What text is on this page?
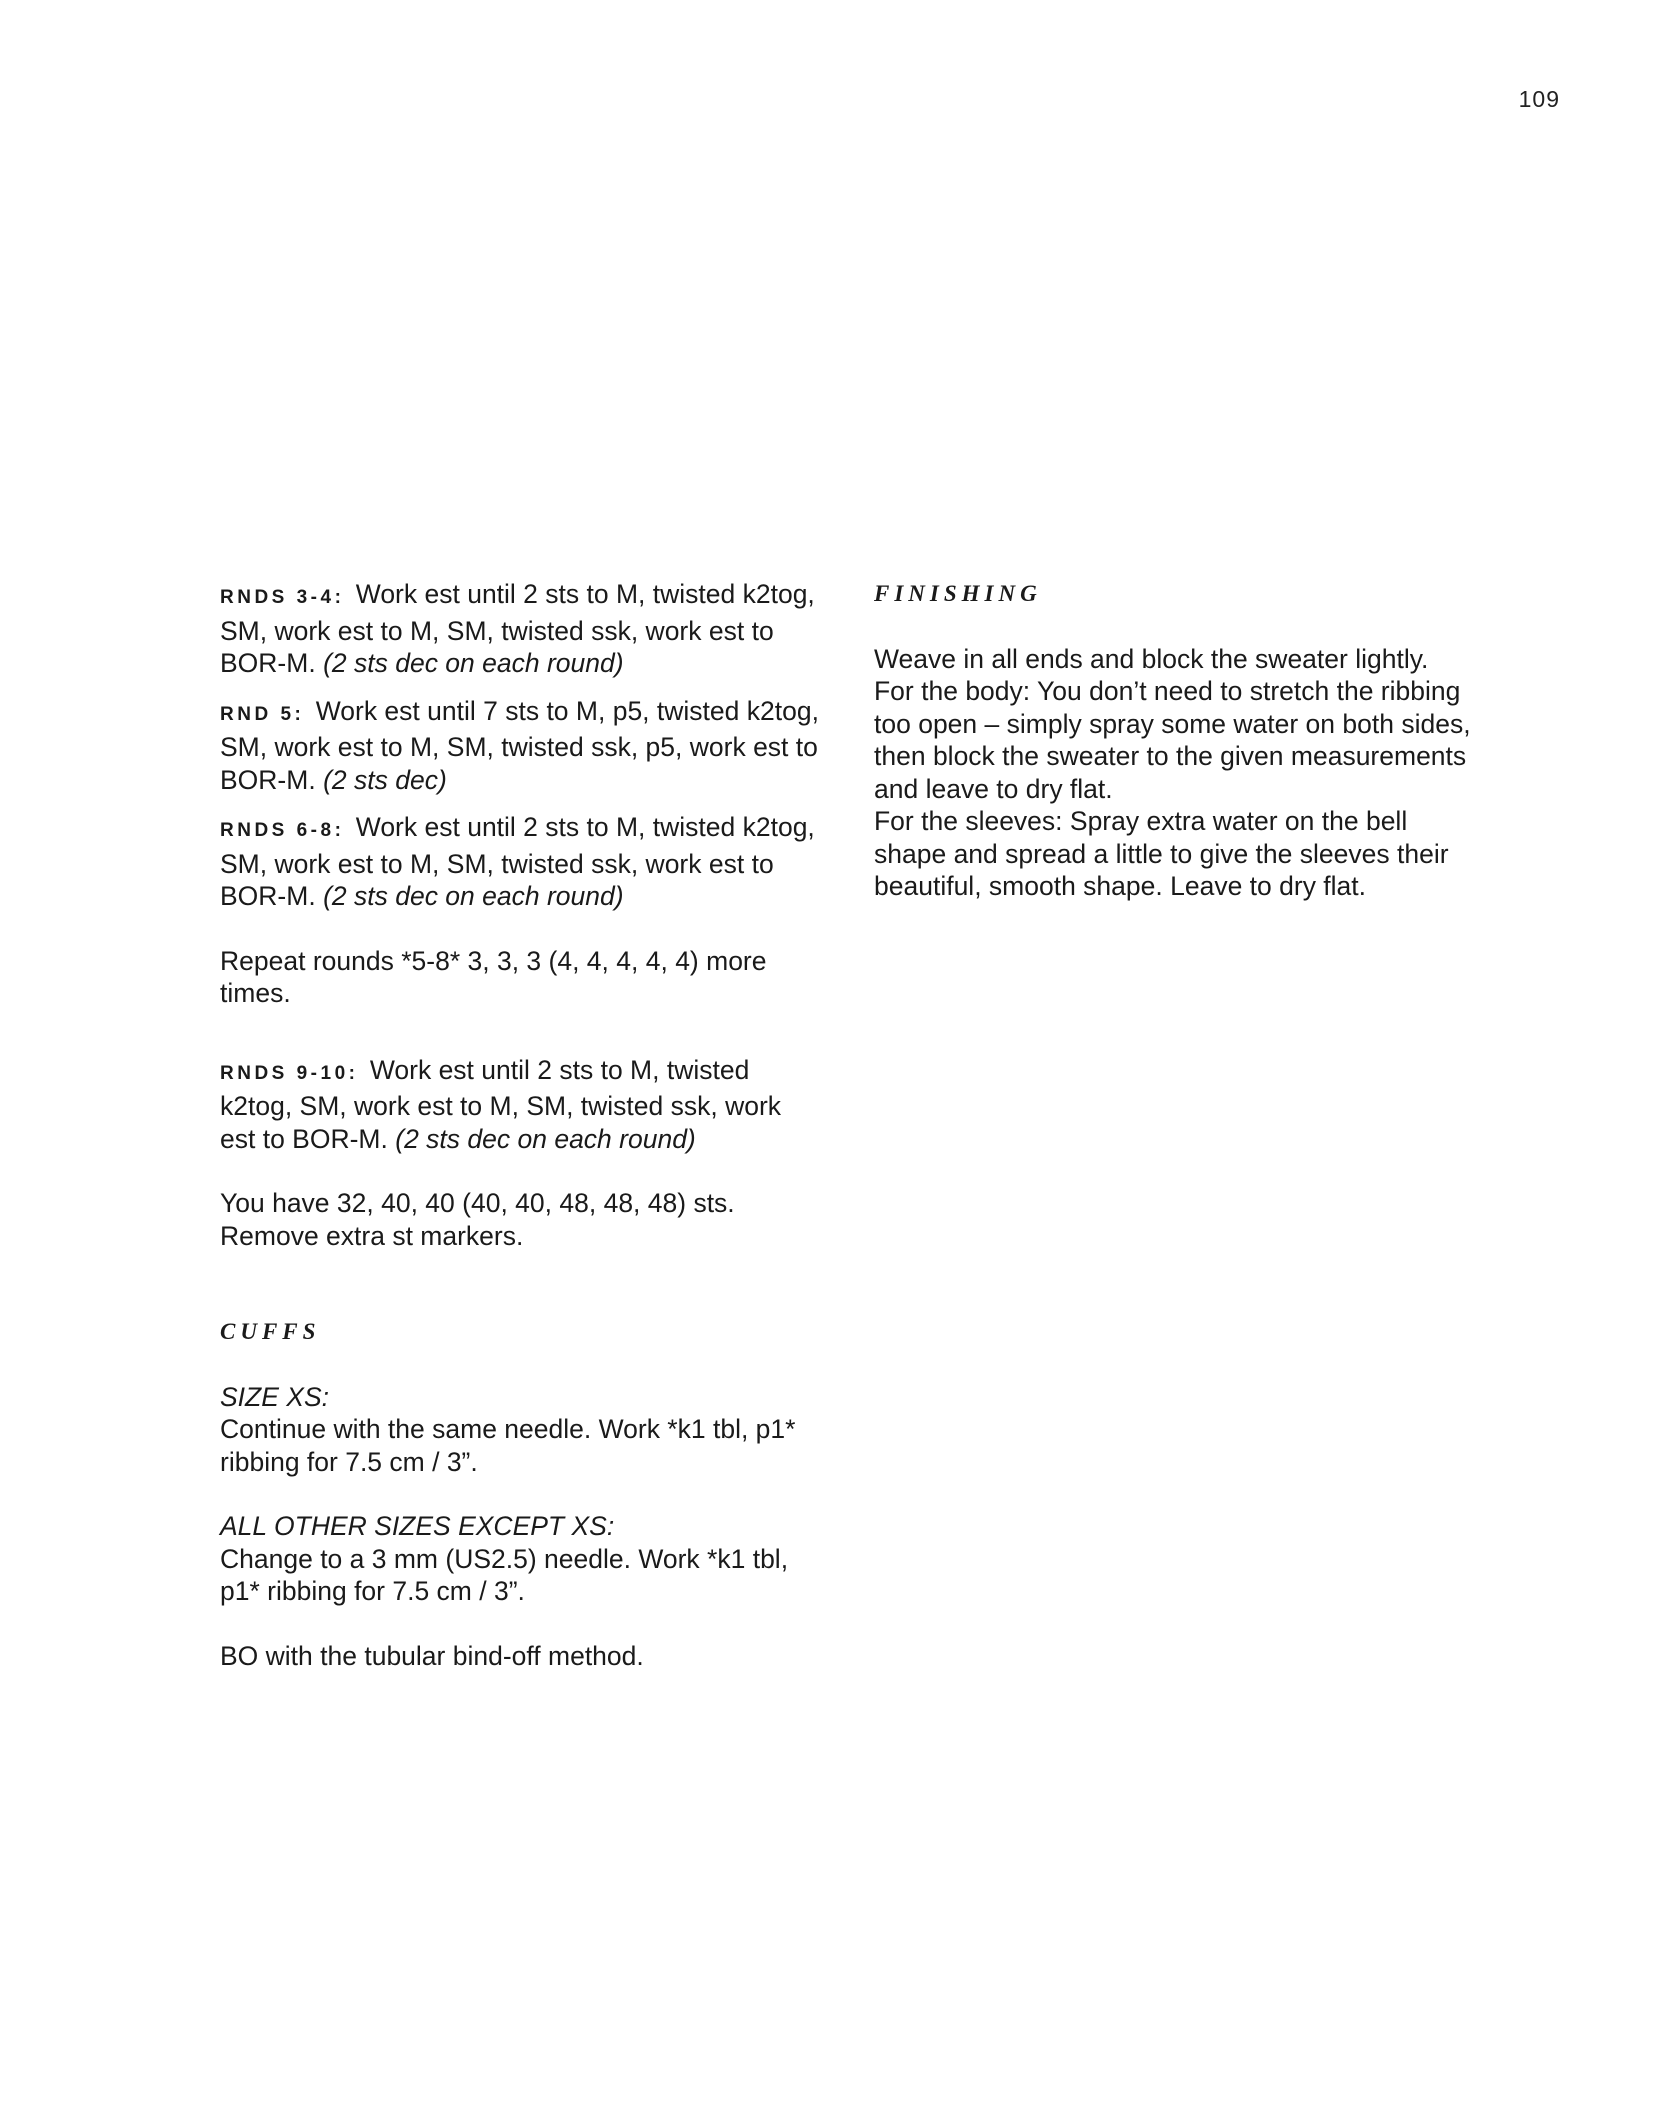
109

RNDS 3-4: Work est until 2 sts to M, twisted k2tog, SM, work est to M, SM, twisted ssk, work est to BOR-M. (2 sts dec on each round)

RND 5: Work est until 7 sts to M, p5, twisted k2tog, SM, work est to M, SM, twisted ssk, p5, work est to BOR-M. (2 sts dec)

RNDS 6-8: Work est until 2 sts to M, twisted k2tog, SM, work est to M, SM, twisted ssk, work est to BOR-M. (2 sts dec on each round)

Repeat rounds *5-8* 3, 3, 3 (4, 4, 4, 4, 4) more times.

RNDS 9-10: Work est until 2 sts to M, twisted k2tog, SM, work est to M, SM, twisted ssk, work est to BOR-M. (2 sts dec on each round)

You have 32, 40, 40 (40, 40, 48, 48, 48) sts.
Remove extra st markers.
CUFFS

SIZE XS:

Continue with the same needle. Work *k1 tbl, p1* ribbing for 7.5 cm / 3”.

ALL OTHER SIZES EXCEPT XS:

Change to a 3 mm (US2.5) needle. Work *k1 tbl, p1* ribbing for 7.5 cm / 3”.

BO with the tubular bind-off method.

FINISHING
Weave in all ends and block the sweater lightly.
For the body: You don’t need to stretch the ribbing too open – simply spray some water on both sides, then block the sweater to the given measurements and leave to dry flat.
For the sleeves: Spray extra water on the bell shape and spread a little to give the sleeves their beautiful, smooth shape. Leave to dry flat.
